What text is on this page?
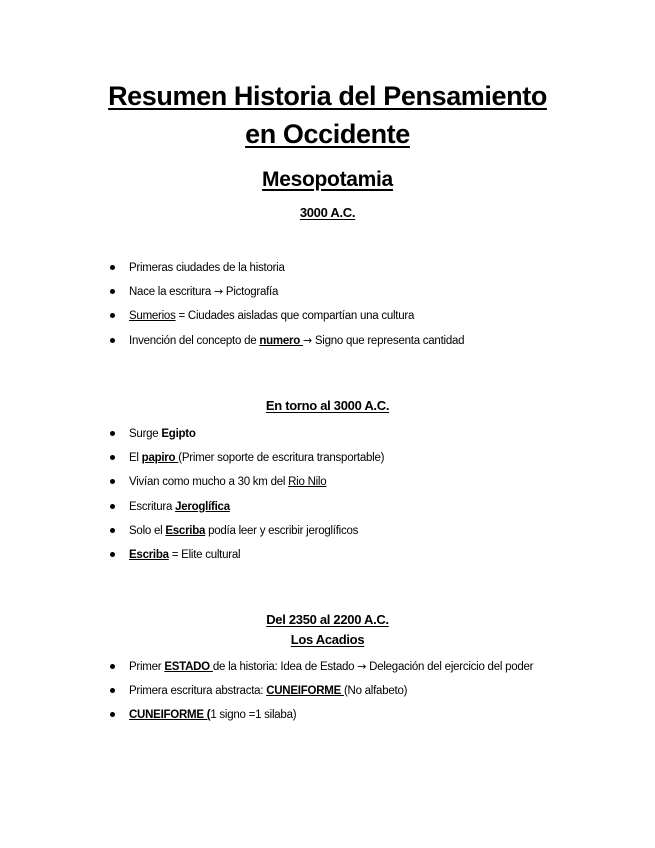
Resumen Historia del Pensamiento
en Occidente
Mesopotamia
3000 A.C.
Primeras ciudades de la historia
Nace la escritura → Pictografía
Sumerios = Ciudades aisladas que compartían una cultura
Invención del concepto de numero → Signo que representa cantidad
En torno al 3000 A.C.
Surge Egipto
El papiro (Primer soporte de escritura transportable)
Vivían como mucho a 30 km del Rio Nilo
Escritura Jeroglífica
Solo el Escriba podía leer y escribir jeroglíficos
Escriba = Elite cultural
Del 2350 al 2200 A.C.
Los Acadios
Primer ESTADO de la historia: Idea de Estado → Delegación del ejercicio del poder
Primera escritura abstracta: CUNEIFORME (No alfabeto)
CUNEIFORME (1 signo =1 silaba)
